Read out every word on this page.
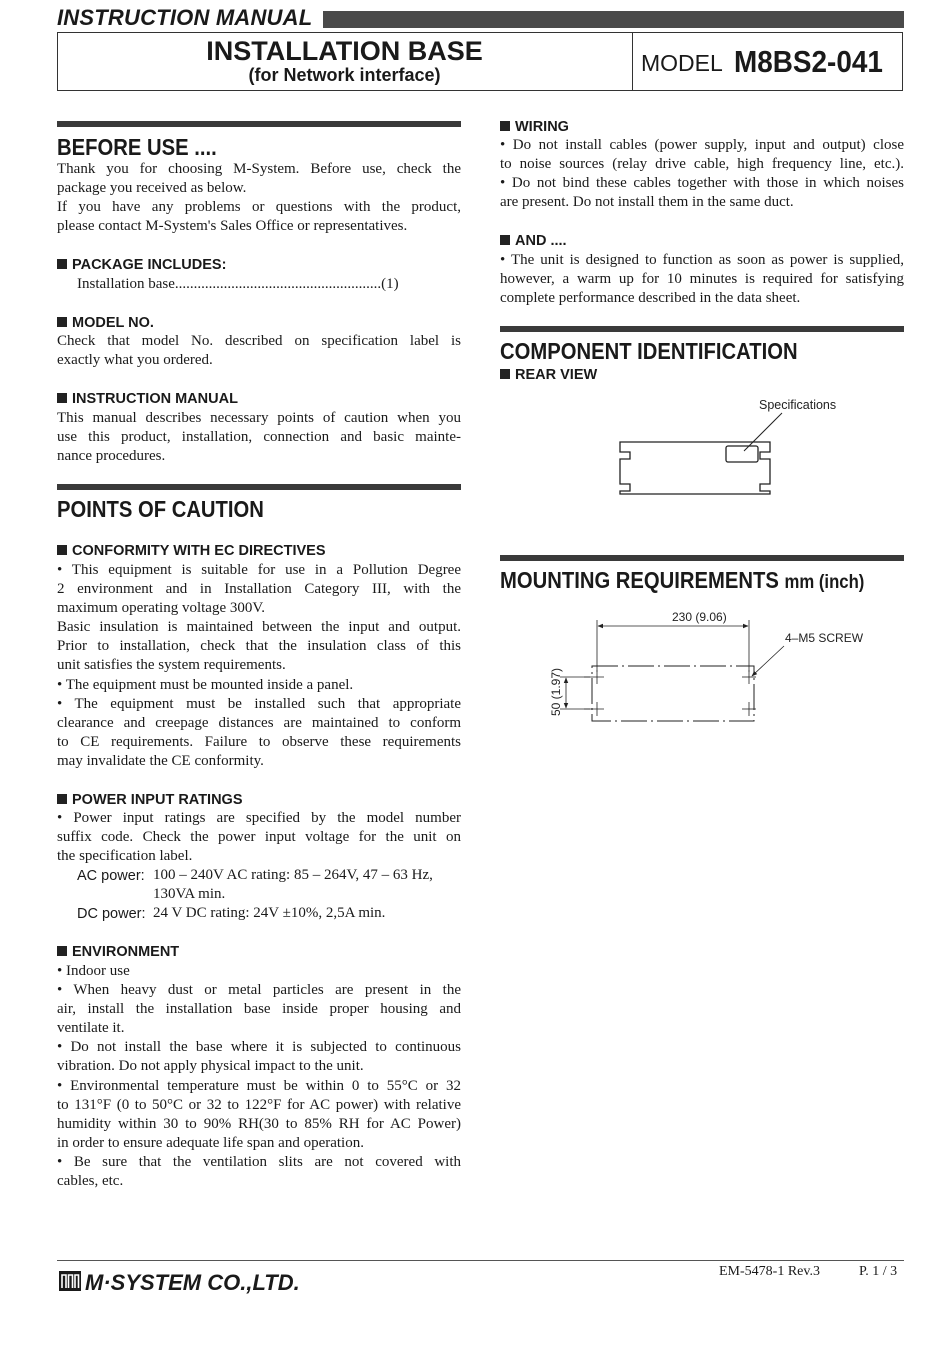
INSTRUCTION MANUAL
INSTALLATION BASE
(for Network interface)	MODEL M8BS2-041
BEFORE USE ....
Thank you for choosing M-System. Before use, check the
package you received as below.
If you have any problems or questions with the product,
please contact M-System's Sales Office or representatives.
PACKAGE INCLUDES:
Installation base.......................................................(1)
MODEL NO.
Check that model No. described on specification label is
exactly what you ordered.
INSTRUCTION MANUAL
This manual describes necessary points of caution when you
use this product, installation, connection and basic mainte-
nance procedures.
POINTS OF CAUTION
CONFORMITY WITH EC DIRECTIVES
• This equipment is suitable for use in a Pollution Degree
2 environment and in Installation Category III, with the
maximum operating voltage 300V.
Basic insulation is maintained between the input and output.
Prior to installation, check that the insulation class of this
unit satisfies the system requirements.
• The equipment must be mounted inside a panel.
• The equipment must be installed such that appropriate
clearance and creepage distances are maintained to conform
to CE requirements. Failure to observe these requirements
may invalidate the CE conformity.
POWER INPUT RATINGS
• Power input ratings are specified by the model number
suffix code. Check the power input voltage for the unit on
the specification label.
AC power: 100 – 240V AC rating: 85 – 264V, 47 – 63 Hz,
130VA min.
DC power: 24 V DC rating: 24V ±10%, 2,5A min.
ENVIRONMENT
• Indoor use
• When heavy dust or metal particles are present in the
air, install the installation base inside proper housing and
ventilate it.
• Do not install the base where it is subjected to continuous
vibration. Do not apply physical impact to the unit.
• Environmental temperature must be within 0 to 55°C or 32
to 131°F (0 to 50°C or 32 to 122°F for AC power) with relative
humidity within 30 to 90% RH(30 to 85% RH for AC Power)
in order to ensure adequate life span and operation.
• Be sure that the ventilation slits are not covered with
cables, etc.
WIRING
• Do not install cables (power supply, input and output) close
to noise sources (relay drive cable, high frequency line, etc.).
• Do not bind these cables together with those in which noises
are present. Do not install them in the same duct.
AND ....
• The unit is designed to function as soon as power is supplied,
however, a warm up for 10 minutes is required for satisfying
complete performance described in the data sheet.
COMPONENT IDENTIFICATION
REAR VIEW
Specifications
MOUNTING REQUIREMENTS mm (inch)
230 (9.06)
4–M5 SCREW
50 (1.97)
M·SYSTEM CO.,LTD.	EM-5478-1 Rev.3	P. 1 / 3
